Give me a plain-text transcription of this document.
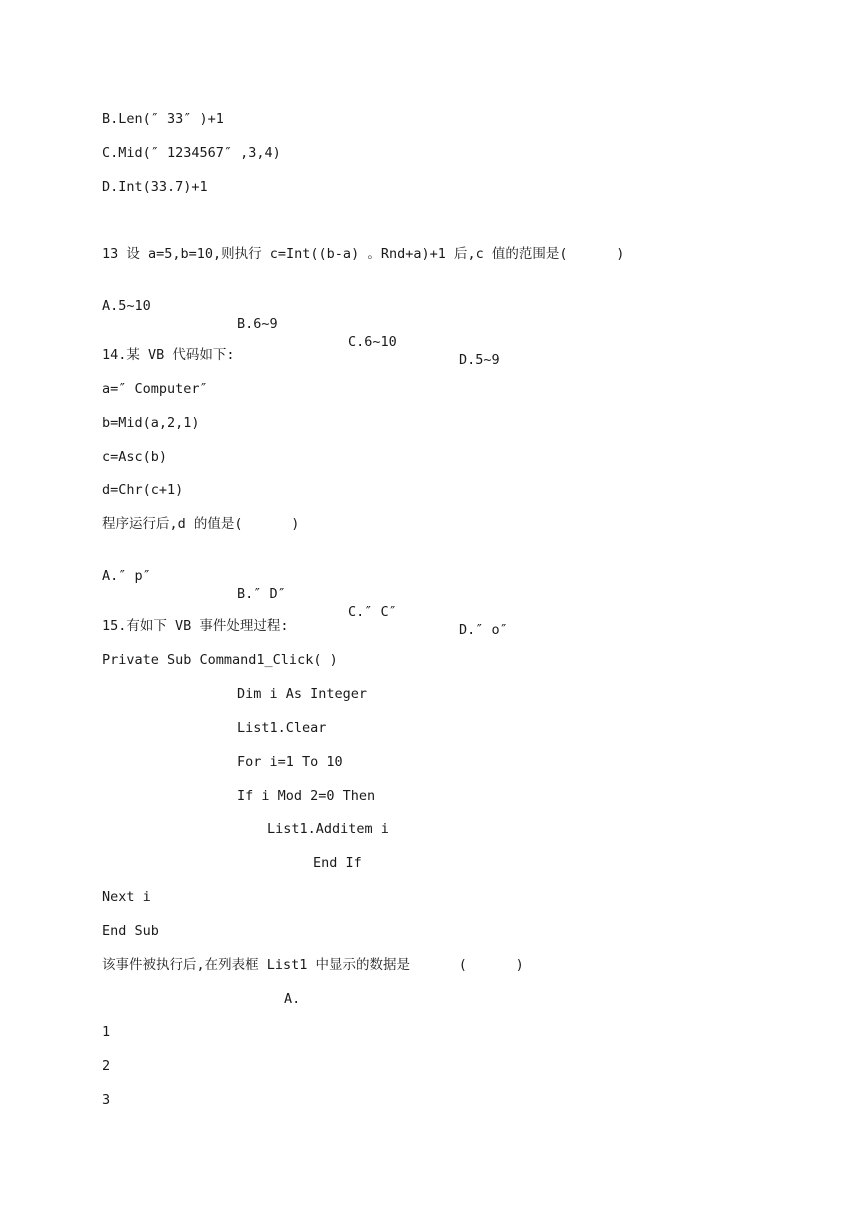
B.Len(″ 33″ )+1
C.Mid(″ 1234567″ ,3,4)
D.Int(33.7)+1
13 设 a=5,b=10,则执行 c=Int((b-a) 。Rnd+a)+1 后,c 值的范围是(      )

A.5~10

B.6~9

C.6~10

D.5~9

14.某 VB 代码如下:
a=″ Computer″
b=Mid(a,2,1)
c=Asc(b)
d=Chr(c+1)
程序运行后,d 的值是(      )

A.″ p″

B.″ D″

C.″ C″

D.″ o″

15.有如下 VB 事件处理过程:
Private Sub Command1_Click( )
Dim i As Integer
List1.Clear
For i=1 To 10
If i Mod 2=0 Then
List1.Additem i
End If
Next i
End Sub
该事件被执行后,在列表框 List1 中显示的数据是      (      )
A.
1
2
3
